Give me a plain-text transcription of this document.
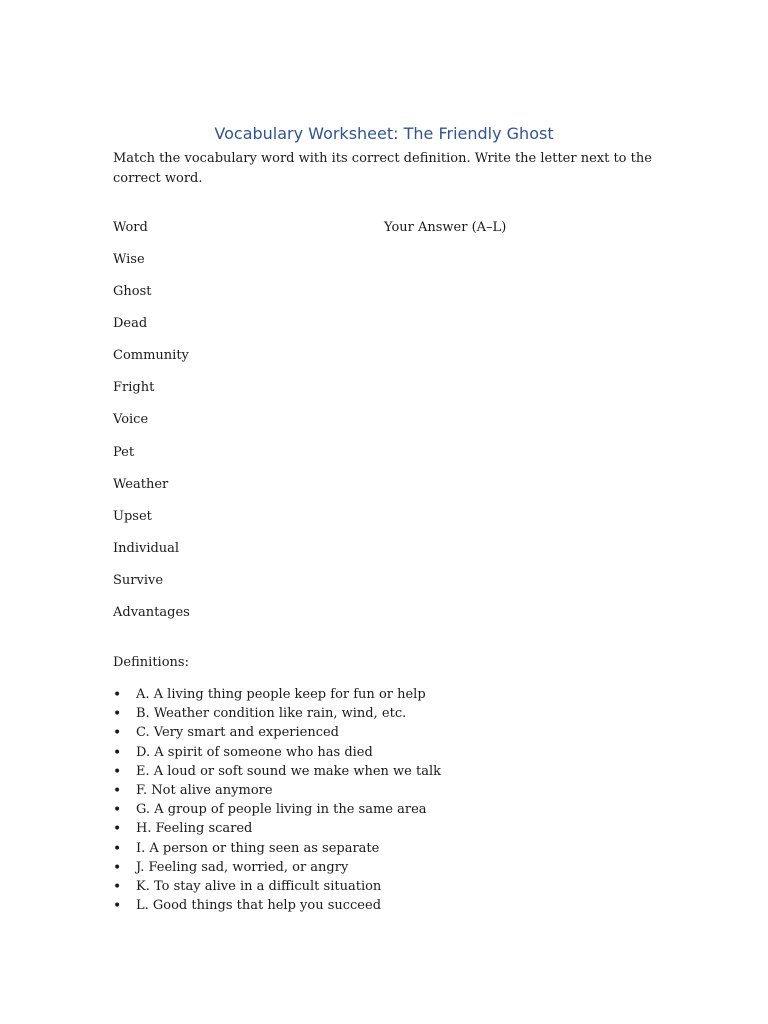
Vocabulary Worksheet: The Friendly Ghost

Match the vocabulary word with its correct definition. Write the letter next to the correct word.

Word	Your Answer (A–L)
Wise
Ghost
Dead
Community
Fright
Voice
Pet
Weather
Upset
Individual
Survive
Advantages

Definitions:

• A. A living thing people keep for fun or help
• B. Weather condition like rain, wind, etc.
• C. Very smart and experienced
• D. A spirit of someone who has died
• E. A loud or soft sound we make when we talk
• F. Not alive anymore
• G. A group of people living in the same area
• H. Feeling scared
• I. A person or thing seen as separate
• J. Feeling sad, worried, or angry
• K. To stay alive in a difficult situation
• L. Good things that help you succeed
